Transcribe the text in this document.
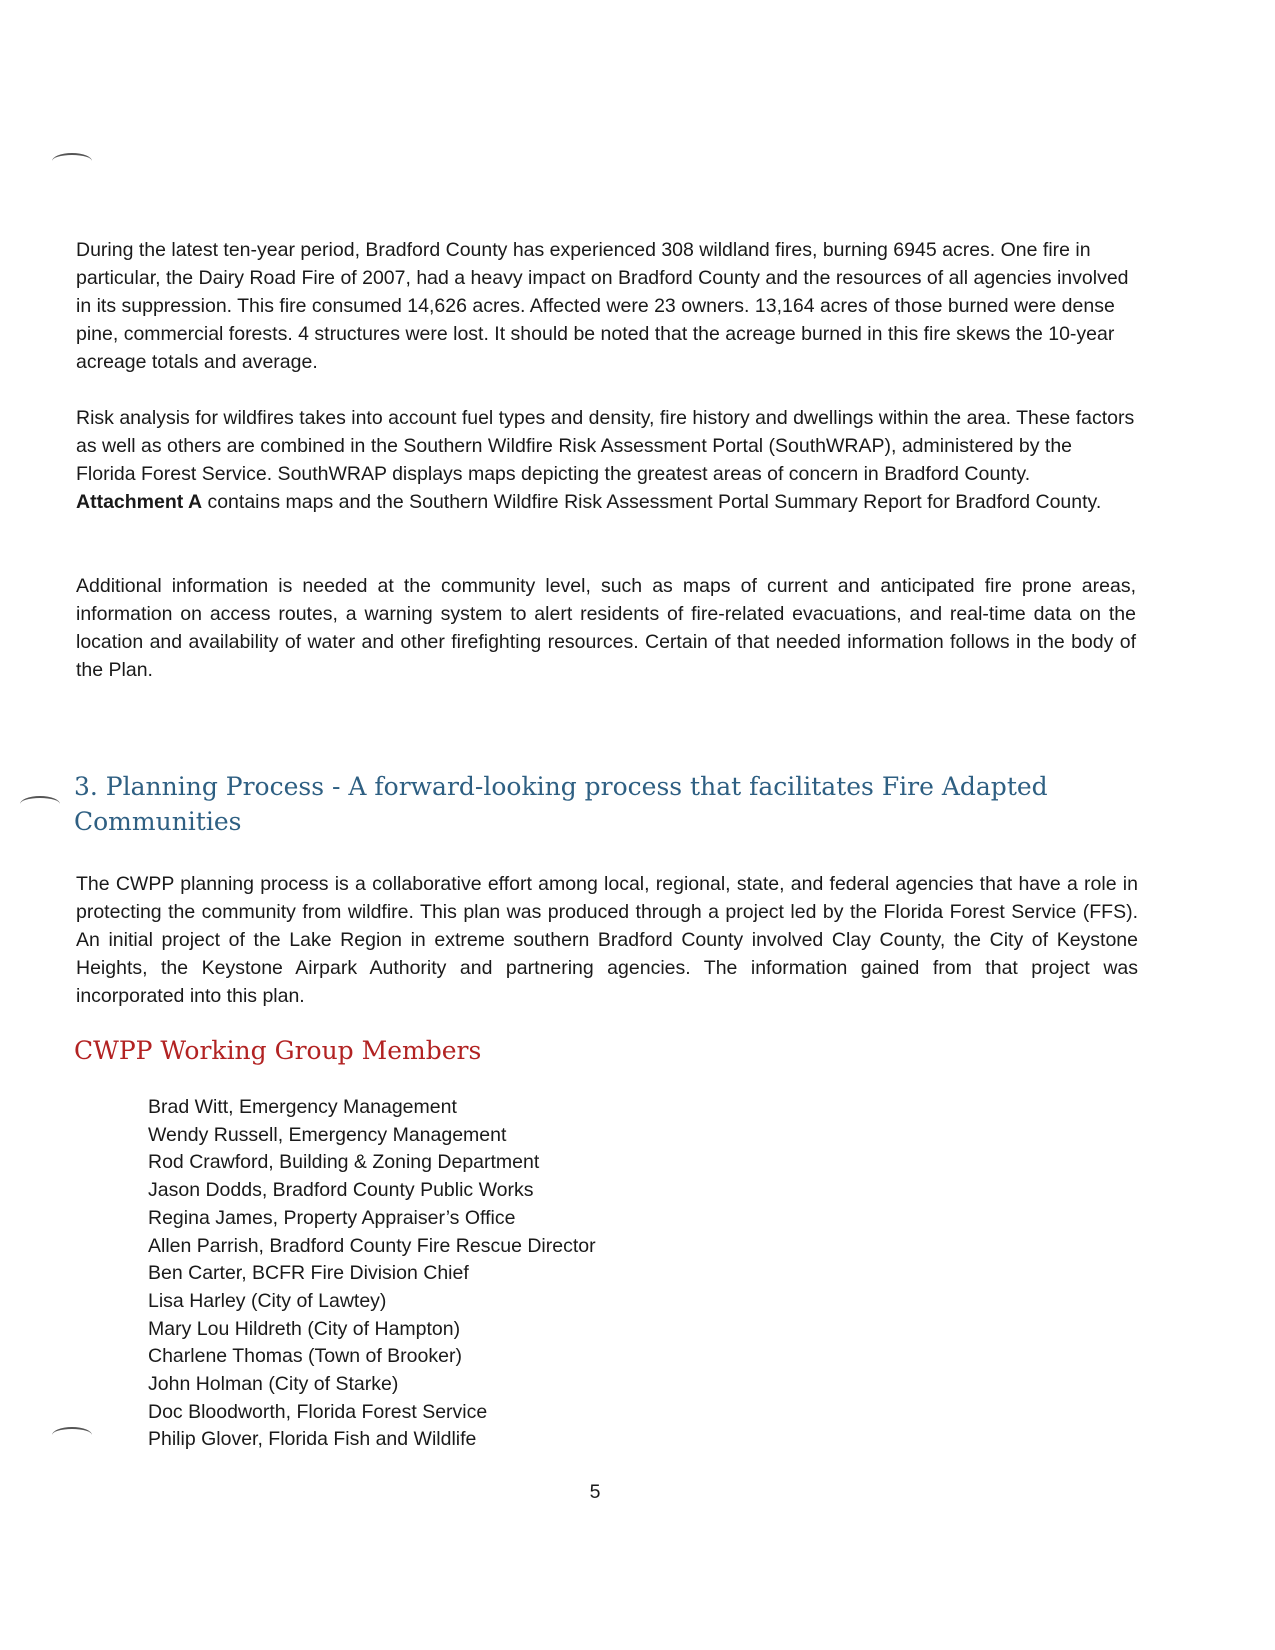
During the latest ten-year period, Bradford County has experienced 308 wildland fires, burning 6945 acres. One fire in particular, the Dairy Road Fire of 2007, had a heavy impact on Bradford County and the resources of all agencies involved in its suppression. This fire consumed 14,626 acres. Affected were 23 owners. 13,164 acres of those burned were dense pine, commercial forests. 4 structures were lost. It should be noted that the acreage burned in this fire skews the 10-year acreage totals and average.

Risk analysis for wildfires takes into account fuel types and density, fire history and dwellings within the area. These factors as well as others are combined in the Southern Wildfire Risk Assessment Portal (SouthWRAP), administered by the Florida Forest Service. SouthWRAP displays maps depicting the greatest areas of concern in Bradford County. Attachment A contains maps and the Southern Wildfire Risk Assessment Portal Summary Report for Bradford County.

Additional information is needed at the community level, such as maps of current and anticipated fire prone areas, information on access routes, a warning system to alert residents of fire-related evacuations, and real-time data on the location and availability of water and other firefighting resources. Certain of that needed information follows in the body of the Plan.

3. Planning Process - A forward-looking process that facilitates Fire Adapted Communities

The CWPP planning process is a collaborative effort among local, regional, state, and federal agencies that have a role in protecting the community from wildfire. This plan was produced through a project led by the Florida Forest Service (FFS). An initial project of the Lake Region in extreme southern Bradford County involved Clay County, the City of Keystone Heights, the Keystone Airpark Authority and partnering agencies. The information gained from that project was incorporated into this plan.

CWPP Working Group Members
Brad Witt, Emergency Management
Wendy Russell, Emergency Management
Rod Crawford, Building & Zoning Department
Jason Dodds, Bradford County Public Works
Regina James, Property Appraiser’s Office
Allen Parrish, Bradford County Fire Rescue Director
Ben Carter, BCFR Fire Division Chief
Lisa Harley (City of Lawtey)
Mary Lou Hildreth (City of Hampton)
Charlene Thomas (Town of Brooker)
John Holman (City of Starke)
Doc Bloodworth, Florida Forest Service
Philip Glover, Florida Fish and Wildlife
5
